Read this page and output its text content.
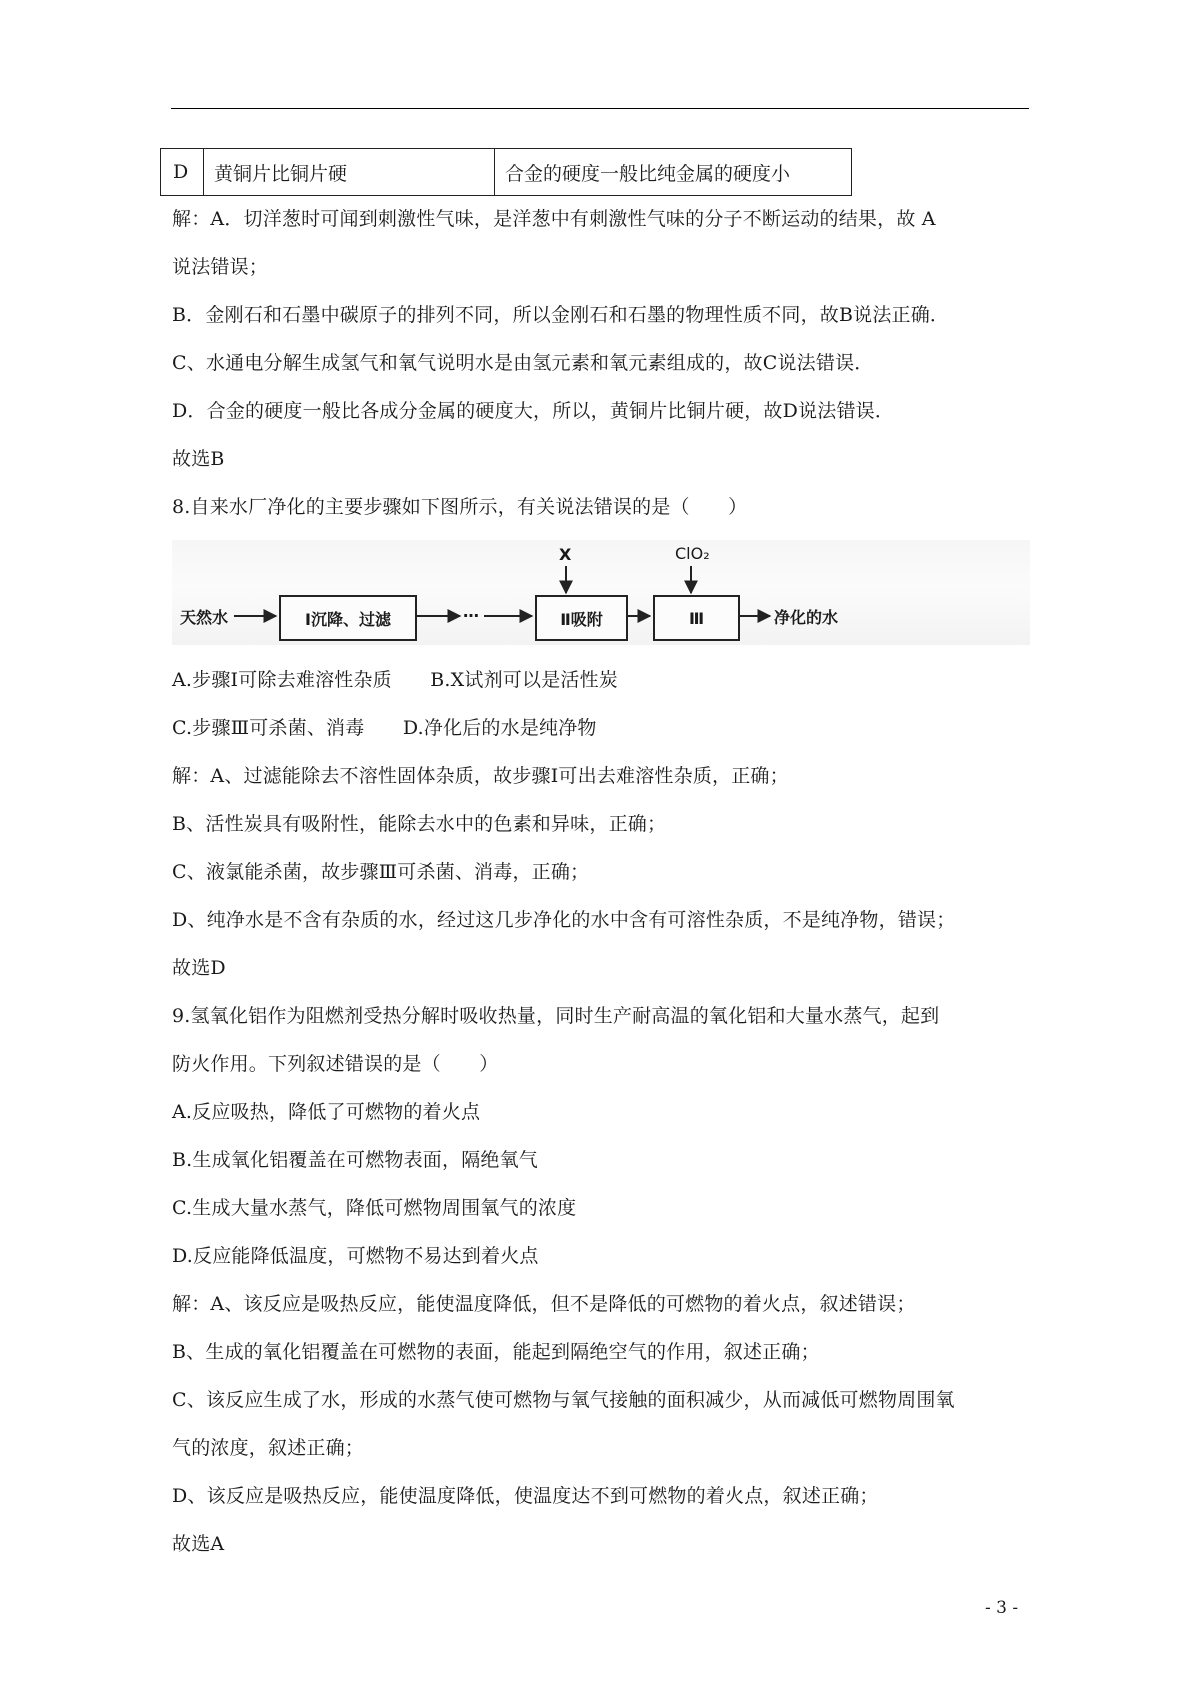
D	黄铜片比铜片硬	合金的硬度一般比纯金属的硬度小
解：A．切洋葱时可闻到刺激性气味，是洋葱中有刺激性气味的分子不断运动的结果，故 A
说法错误；
B．金刚石和石墨中碳原子的排列不同，所以金刚石和石墨的物理性质不同，故B说法正确．
C、水通电分解生成氢气和氧气说明水是由氢元素和氧元素组成的，故C说法错误．
D．合金的硬度一般比各成分金属的硬度大，所以，黄铜片比铜片硬，故D说法错误．
故选B
8.自来水厂净化的主要步骤如下图所示，有关说法错误的是（　　）
天然水	Ⅰ沉降、过滤	…	Ⅱ吸附
X
Ⅲ
ClO₂
净化的水
A.步骤Ⅰ可除去难溶性杂质　　B.X试剂可以是活性炭
C.步骤Ⅲ可杀菌、消毒　　D.净化后的水是纯净物
解：A、过滤能除去不溶性固体杂质，故步骤Ⅰ可出去难溶性杂质，正确；
B、活性炭具有吸附性，能除去水中的色素和异味，正确；
C、液氯能杀菌，故步骤Ⅲ可杀菌、消毒，正确；
D、纯净水是不含有杂质的水，经过这几步净化的水中含有可溶性杂质，不是纯净物，错误；
故选D
9.氢氧化铝作为阻燃剂受热分解时吸收热量，同时生产耐高温的氧化铝和大量水蒸气，起到
防火作用。下列叙述错误的是（　　）
A.反应吸热，降低了可燃物的着火点
B.生成氧化铝覆盖在可燃物表面，隔绝氧气
C.生成大量水蒸气，降低可燃物周围氧气的浓度
D.反应能降低温度，可燃物不易达到着火点
解：A、该反应是吸热反应，能使温度降低，但不是降低的可燃物的着火点，叙述错误；
B、生成的氧化铝覆盖在可燃物的表面，能起到隔绝空气的作用，叙述正确；
C、该反应生成了水，形成的水蒸气使可燃物与氧气接触的面积减少，从而减低可燃物周围氧
气的浓度，叙述正确；
D、该反应是吸热反应，能使温度降低，使温度达不到可燃物的着火点，叙述正确；
故选A
- 3 -
